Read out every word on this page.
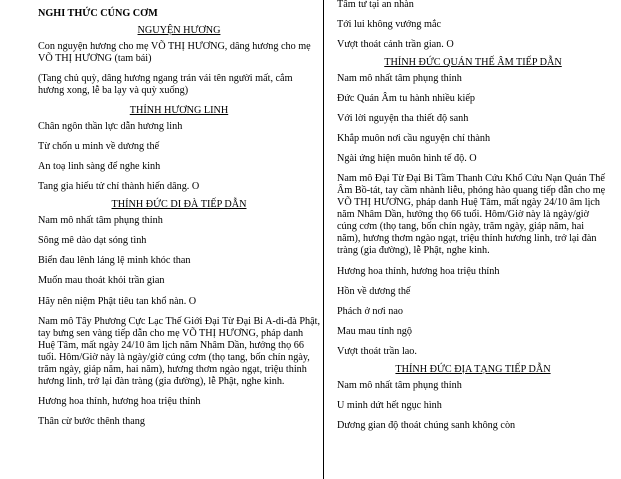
NGHI THỨC CÚNG CƠM
NGUYỆN HƯƠNG
Con nguyện hương cho mẹ VÕ THỊ HƯƠNG, dâng hương cho mẹ VÕ THỊ HƯƠNG (tam bái)
(Tang chủ quỳ, dâng hương ngang trán vái tên người mất, cắm hương xong, lễ ba lạy và quỳ xuống)
THỈNH HƯƠNG LINH
Chân ngôn thần lực dẫn hương linh
Từ chốn u minh về dương thế
An toạ linh sàng để nghe kinh
Tang gia hiếu tử chí thành hiến dâng. O
THỈNH ĐỨC DI ĐÀ TIẾP DẪN
Nam mô nhất tâm phụng thỉnh
Sông mê dào dạt sóng tình
Biển đau lênh láng lệ minh khóc than
Muốn mau thoát khỏi trần gian
Hãy nên niệm Phật tiêu tan khổ nàn. O
Nam mô Tây Phương Cực Lạc Thế Giới Đại Từ Đại Bi A-di-đà Phật, tay bưng sen vàng tiếp dẫn cho mẹ VÕ THỊ HƯƠNG, pháp danh Huệ Tâm, mất ngày 24/10 âm lịch năm Nhâm Dần, hưởng thọ 66 tuổi. Hôm/Giờ này là ngày/giờ cúng cơm (thọ tang, bốn chín ngày, trăm ngày, giáp năm, hai năm), hương thơm ngào ngạt, triệu thỉnh hương linh, trở lại đàn tràng (gia đường), lễ Phật, nghe kinh.
Hương hoa thỉnh, hương hoa triệu thỉnh
Thân cừ bước thênh thang
Tâm tư tại an nhàn
Tới lui không vướng mắc
Vượt thoát cảnh trần gian. O
THỈNH ĐỨC QUÁN THẾ ÂM TIẾP DẪN
Nam mô nhất tâm phụng thỉnh
Đức Quán Âm tu hành nhiều kiếp
Với lời nguyện tha thiết độ sanh
Khắp muôn nơi cầu nguyện chí thành
Ngài ứng hiện muôn hình tế độ. O
Nam mô Đại Từ Đại Bi Tầm Thanh Cứu Khổ Cứu Nạn Quán Thế Âm Bồ-tát, tay cầm nhành liễu, phóng hào quang tiếp dẫn cho mẹ VÕ THỊ HƯƠNG, pháp danh Huệ Tâm, mất ngày 24/10 âm lịch năm Nhâm Dần, hưởng thọ 66 tuổi. Hôm/Giờ này là ngày/giờ cúng cơm (thọ tang, bốn chín ngày, trăm ngày, giáp năm, hai năm), hương thơm ngào ngạt, triệu thỉnh hương linh, trở lại đàn tràng (gia đường), lễ Phật, nghe kinh.
Hương hoa thỉnh, hương hoa triệu thỉnh
Hồn về dương thế
Phách ở nơi nao
Mau mau tỉnh ngộ
Vượt thoát trần lao.
THỈNH ĐỨC ĐỊA TẠNG TIẾP DẪN
Nam mô nhất tâm phụng thỉnh
U minh dứt hết ngục hình
Dương gian độ thoát chúng sanh không còn
